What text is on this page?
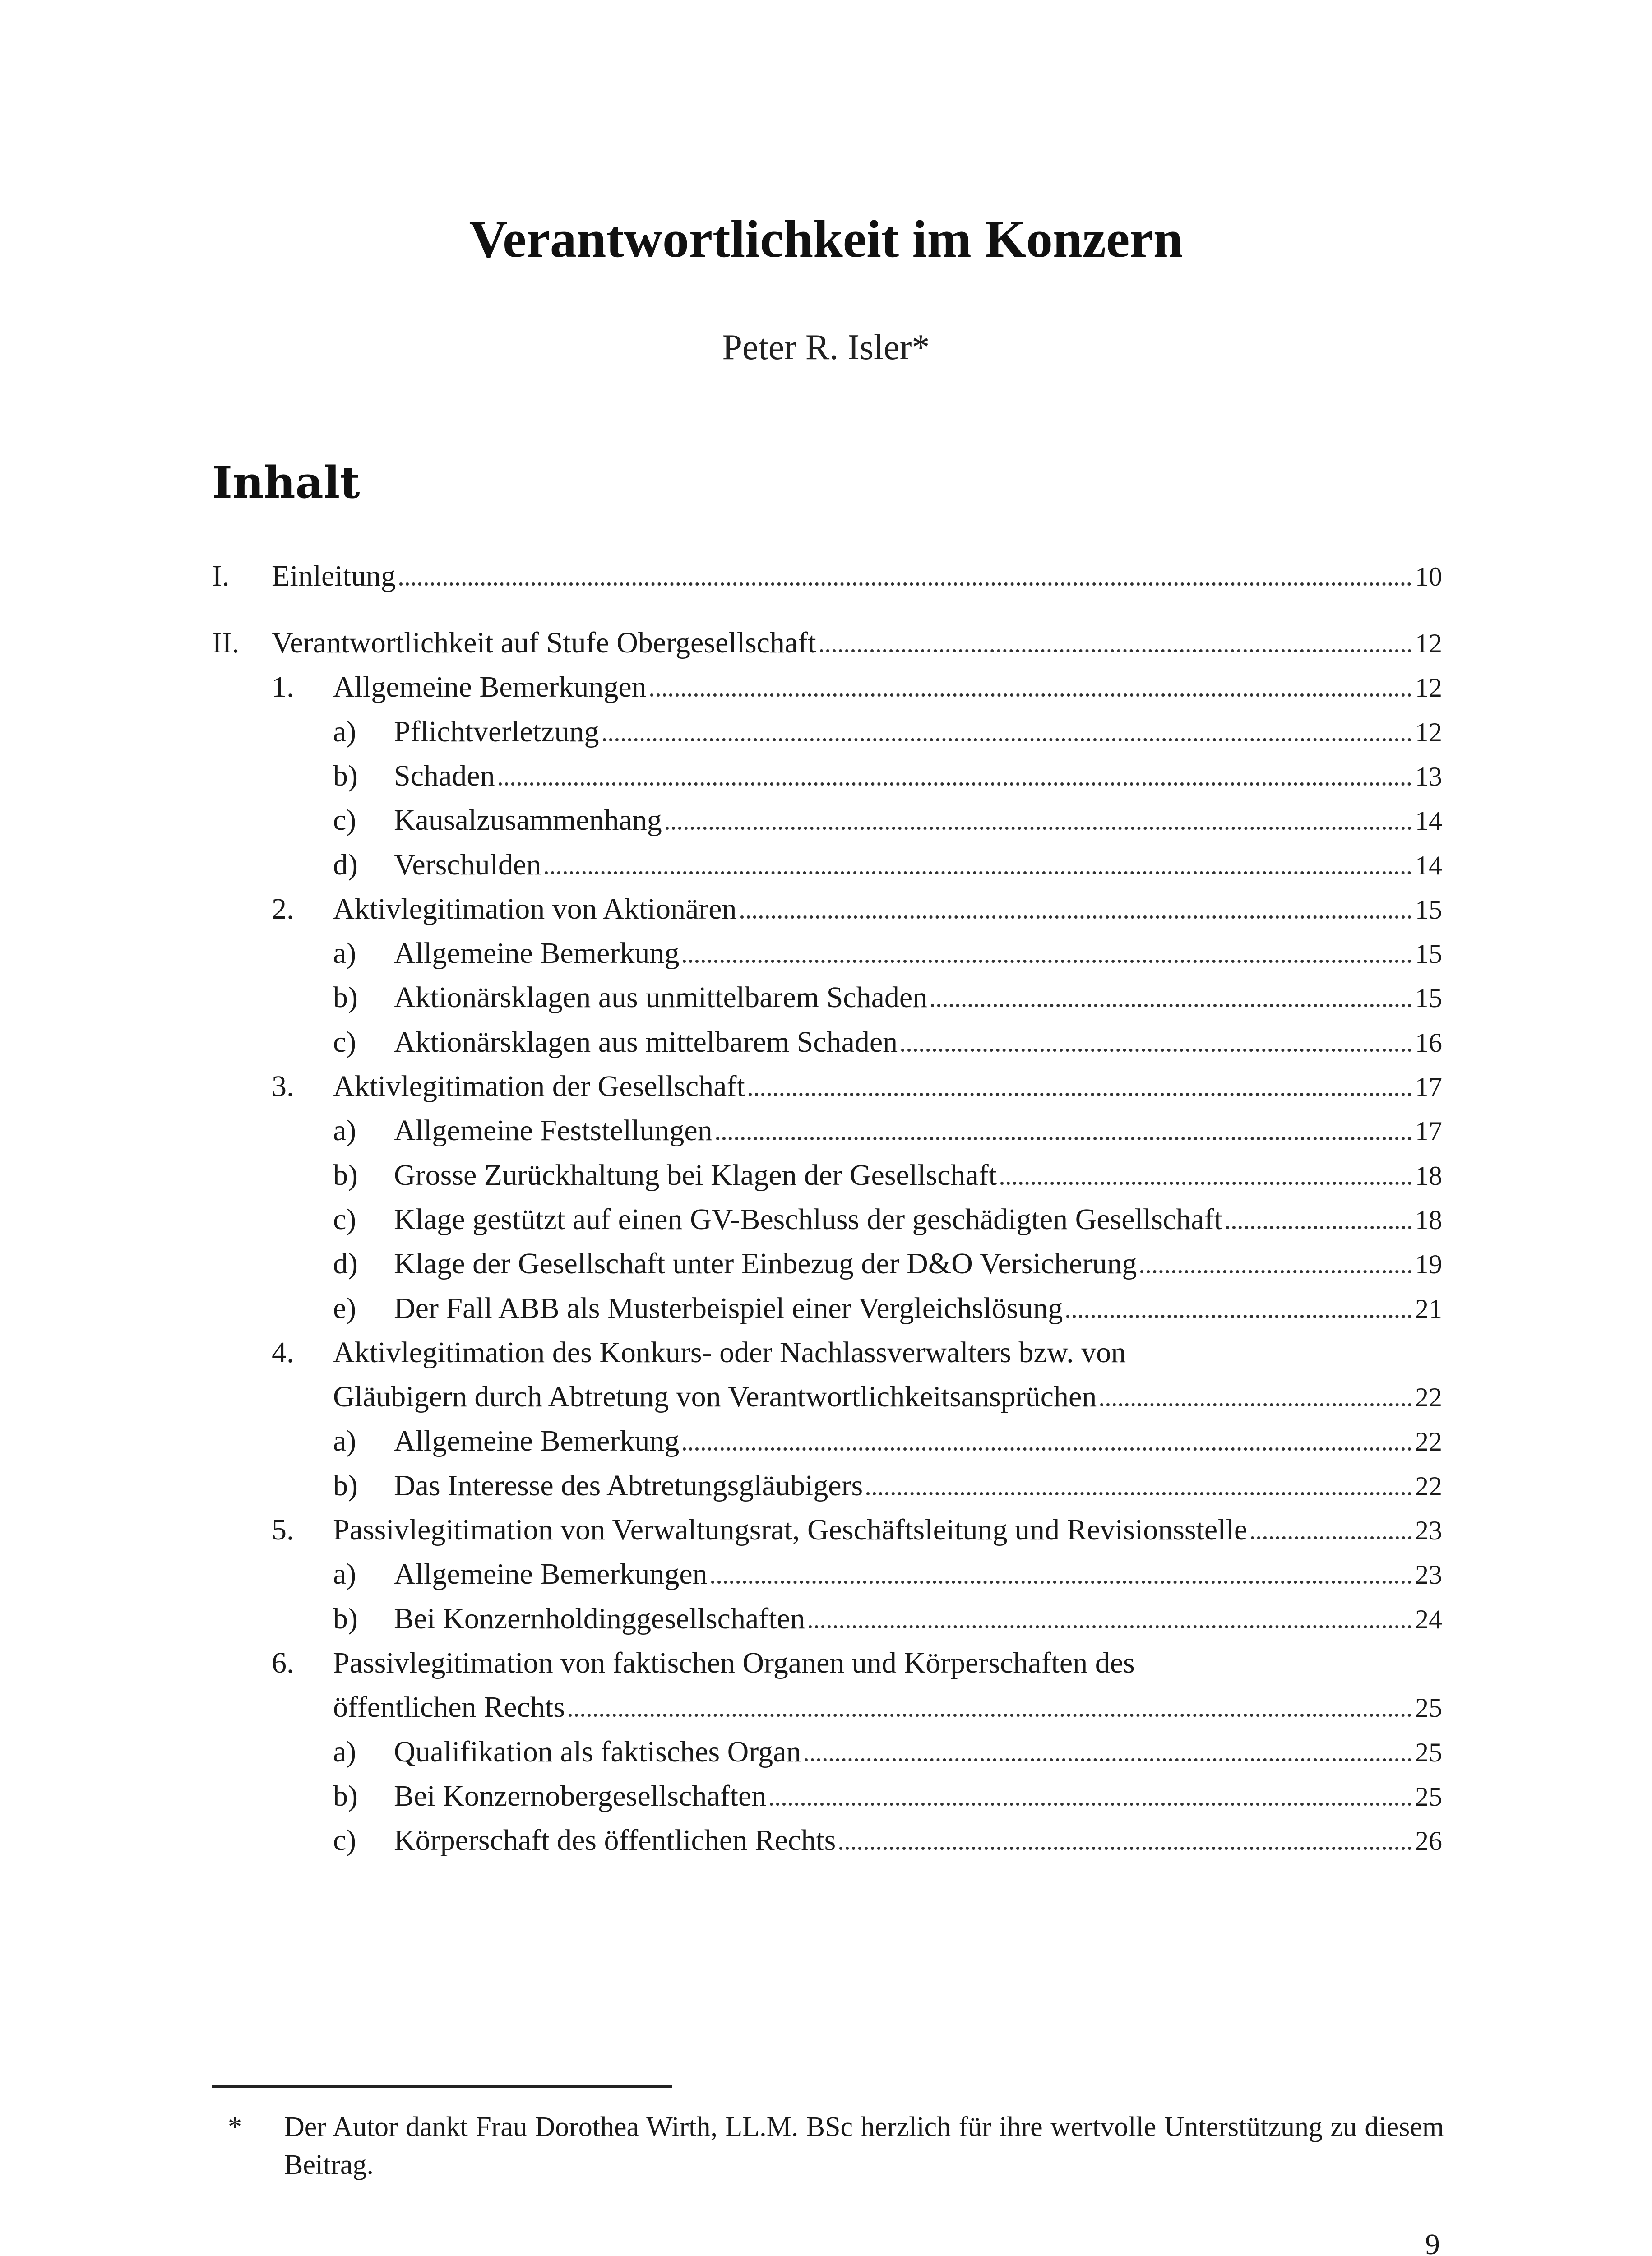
Verantwortlichkeit im Konzern
Peter R. Isler*
Inhalt
I. Einleitung	10
II. Verantwortlichkeit auf Stufe Obergesellschaft	12
1. Allgemeine Bemerkungen	12
a) Pflichtverletzung	12
b) Schaden	13
c) Kausalzusammenhang	14
d) Verschulden	14
2. Aktivlegitimation von Aktionären	15
a) Allgemeine Bemerkung	15
b) Aktionärsklagen aus unmittelbarem Schaden	15
c) Aktionärsklagen aus mittelbarem Schaden	16
3. Aktivlegitimation der Gesellschaft	17
a) Allgemeine Feststellungen	17
b) Grosse Zurückhaltung bei Klagen der Gesellschaft	18
c) Klage gestützt auf einen GV-Beschluss der geschädigten Gesellschaft	18
d) Klage der Gesellschaft unter Einbezug der D&O Versicherung	19
e) Der Fall ABB als Musterbeispiel einer Vergleichslösung	21
4. Aktivlegitimation des Konkurs- oder Nachlassverwalters bzw. von
Gläubigern durch Abtretung von Verantwortlichkeitsansprüchen	22
a) Allgemeine Bemerkung	22
b) Das Interesse des Abtretungsgläubigers	22
5. Passivlegitimation von Verwaltungsrat, Geschäftsleitung und Revisionsstelle	23
a) Allgemeine Bemerkungen	23
b) Bei Konzernholdinggesellschaften	24
6. Passivlegitimation von faktischen Organen und Körperschaften des
öffentlichen Rechts	25
a) Qualifikation als faktisches Organ	25
b) Bei Konzernobergesellschaften	25
c) Körperschaft des öffentlichen Rechts	26
* Der Autor dankt Frau Dorothea Wirth, LL.M. BSc herzlich für ihre wertvolle Unterstützung zu diesem Beitrag.
9
